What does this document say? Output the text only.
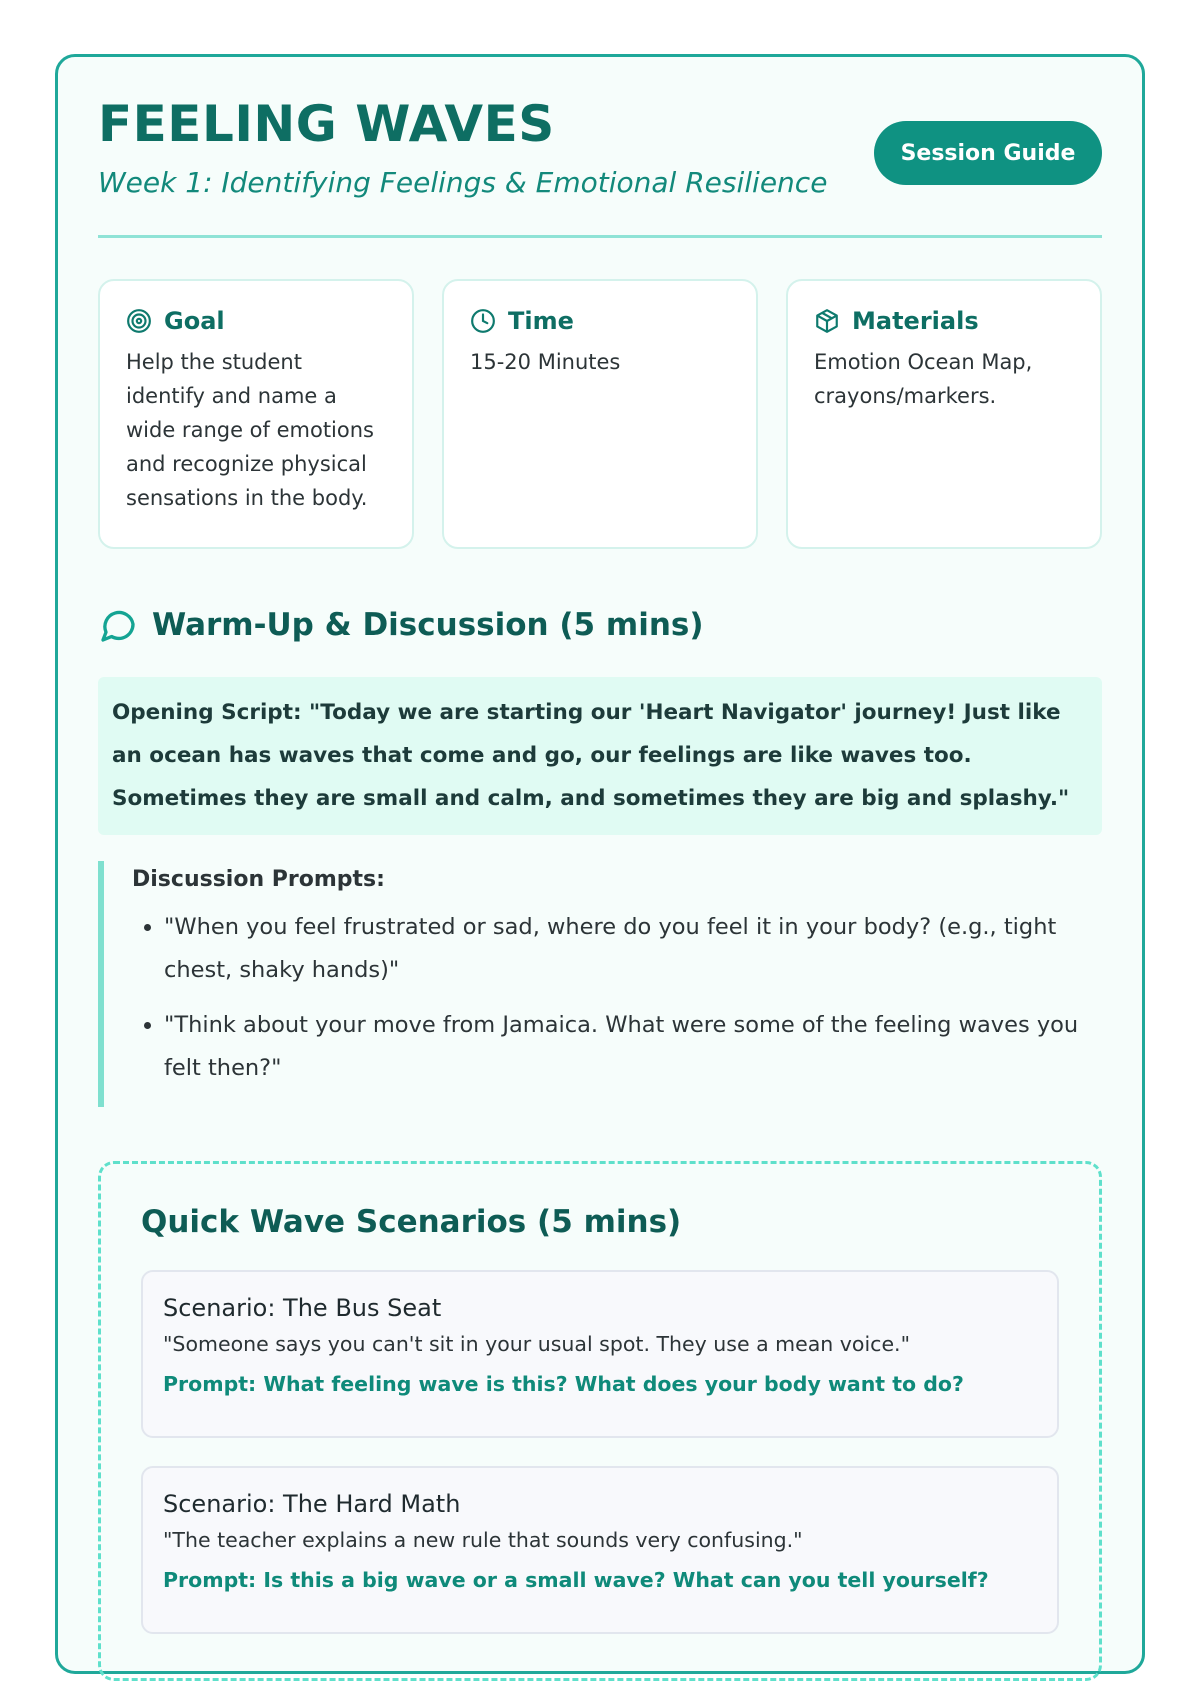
FEELING WAVES

Week 1: Identifying Feelings & Emotional Resilience

Session Guide
Goal
Help the student identify and name a wide range of emotions and recognize physical sensations in the body.
Time
15-20 Minutes
Materials
Emotion Ocean Map, crayons/markers.
Warm-Up & Discussion (5 mins)
Opening Script: "Today we are starting our 'Heart Navigator' journey! Just like an ocean has waves that come and go, our feelings are like waves too. Sometimes they are small and calm, and sometimes they are big and splashy."
Discussion Prompts:
• "When you feel frustrated or sad, where do you feel it in your body? (e.g., tight chest, shaky hands)"
• "Think about your move from Jamaica. What were some of the feeling waves you felt then?"
Quick Wave Scenarios (5 mins)
Scenario: The Bus Seat
"Someone says you can't sit in your usual spot. They use a mean voice."
Prompt: What feeling wave is this? What does your body want to do?
Scenario: The Hard Math
"The teacher explains a new rule that sounds very confusing."
Prompt: Is this a big wave or a small wave? What can you tell yourself?
